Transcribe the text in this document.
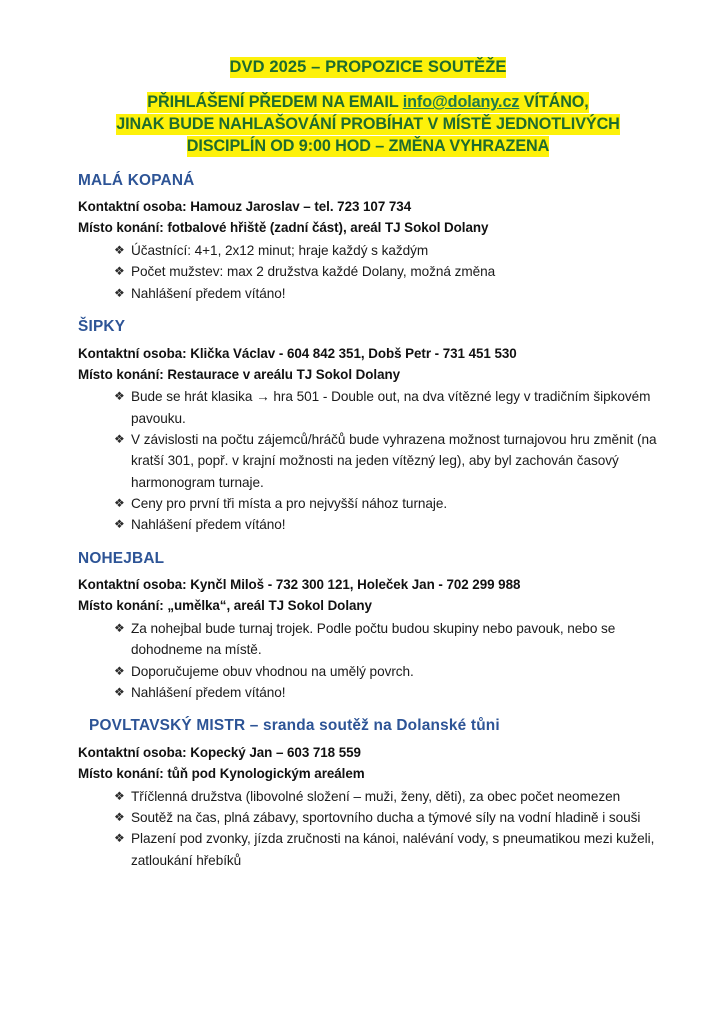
DVD 2025 – PROPOZICE SOUTĚŽE

PŘIHLÁŠENÍ PŘEDEM NA EMAIL info@dolany.cz VÍTÁNO,

JINAK BUDE NAHLAŠOVÁNÍ PROBÍHAT V MÍSTĚ JEDNOTLIVÝCH

DISCIPLÍN OD 9:00 HOD – ZMĚNA VYHRAZENA

MALÁ KOPANÁ

Kontaktní osoba: Hamouz Jaroslav – tel. 723 107 734

Místo konání: fotbalové hřiště (zadní část), areál TJ Sokol Dolany

❖ Účastnící: 4+1, 2x12 minut; hraje každý s každým
❖ Počet mužstev: max 2 družstva každé Dolany, možná změna
❖ Nahlášení předem vítáno!
ŠIPKY

Kontaktní osoba: Klička Václav - 604 842 351, Dobš Petr - 731 451 530

Místo konání: Restaurace v areálu TJ Sokol Dolany

❖ Bude se hrát klasika → hra 501 - Double out, na dva vítězné legy v tradičním šipkovém pavouku.
❖ V závislosti na počtu zájemců/hráčů bude vyhrazena možnost turnajovou hru změnit (na kratší 301, popř. v krajní možnosti na jeden vítězný leg), aby byl zachován časový harmonogram turnaje.
❖ Ceny pro první tři místa a pro nejvyšší nához turnaje.
❖ Nahlášení předem vítáno!
NOHEJBAL

Kontaktní osoba: Kynčl Miloš - 732 300 121, Holeček Jan - 702 299 988

Místo konání: „umělka“, areál TJ Sokol Dolany

❖ Za nohejbal bude turnaj trojek. Podle počtu budou skupiny nebo pavouk, nebo se dohodneme na místě.
❖ Doporučujeme obuv vhodnou na umělý povrch.
❖ Nahlášení předem vítáno!
POVLTAVSKÝ MISTR – sranda soutěž na Dolanské tůni

Kontaktní osoba: Kopecký Jan – 603 718 559

Místo konání: tůň pod Kynologickým areálem

❖ Tříčlenná družstva (libovolné složení – muži, ženy, děti), za obec počet neomezen
❖ Soutěž na čas, plná zábavy, sportovního ducha a týmové síly na vodní hladině i souši
❖ Plazení pod zvonky, jízda zručnosti na kánoi, nalévání vody, s pneumatikou mezi kuželi, zatloukání hřebíků
